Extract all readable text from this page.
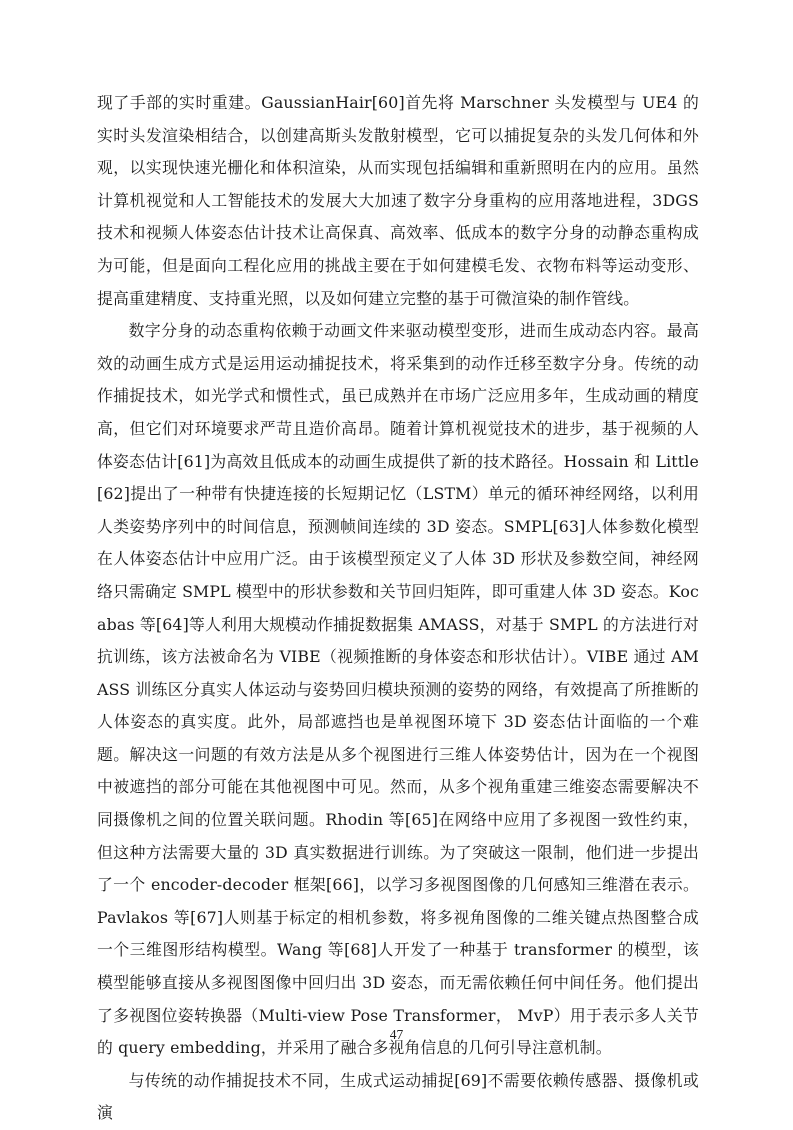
现了手部的实时重建。GaussianHair[60]首先将 Marschner 头发模型与 UE4 的实时头发渲染相结合，以创建高斯头发散射模型，它可以捕捉复杂的头发几何体和外观，以实现快速光栅化和体积渲染，从而实现包括编辑和重新照明在内的应用。虽然计算机视觉和人工智能技术的发展大大加速了数字分身重构的应用落地进程，3DGS 技术和视频人体姿态估计技术让高保真、高效率、低成本的数字分身的动静态重构成为可能，但是面向工程化应用的挑战主要在于如何建模毛发、衣物布料等运动变形、提高重建精度、支持重光照，以及如何建立完整的基于可微渲染的制作管线。

数字分身的动态重构依赖于动画文件来驱动模型变形，进而生成动态内容。最高效的动画生成方式是运用运动捕捉技术，将采集到的动作迁移至数字分身。传统的动作捕捉技术，如光学式和惯性式，虽已成熟并在市场广泛应用多年，生成动画的精度高，但它们对环境要求严苛且造价高昂。随着计算机视觉技术的进步，基于视频的人体姿态估计[61]为高效且低成本的动画生成提供了新的技术路径。Hossain 和 Little[62]提出了一种带有快捷连接的长短期记忆（LSTM）单元的循环神经网络，以利用人类姿势序列中的时间信息，预测帧间连续的 3D 姿态。SMPL[63]人体参数化模型在人体姿态估计中应用广泛。由于该模型预定义了人体 3D 形状及参数空间，神经网络只需确定 SMPL 模型中的形状参数和关节回归矩阵，即可重建人体 3D 姿态。Kocabas 等[64]等人利用大规模动作捕捉数据集 AMASS，对基于 SMPL 的方法进行对抗训练，该方法被命名为 VIBE（视频推断的身体姿态和形状估计）。VIBE 通过 AMASS 训练区分真实人体运动与姿势回归模块预测的姿势的网络，有效提高了所推断的人体姿态的真实度。此外，局部遮挡也是单视图环境下 3D 姿态估计面临的一个难题。解决这一问题的有效方法是从多个视图进行三维人体姿势估计，因为在一个视图中被遮挡的部分可能在其他视图中可见。然而，从多个视角重建三维姿态需要解决不同摄像机之间的位置关联问题。Rhodin 等[65]在网络中应用了多视图一致性约束，但这种方法需要大量的 3D 真实数据进行训练。为了突破这一限制，他们进一步提出了一个 encoder-decoder 框架[66]，以学习多视图图像的几何感知三维潜在表示。Pavlakos 等[67]人则基于标定的相机参数，将多视角图像的二维关键点热图整合成一个三维图形结构模型。Wang 等[68]人开发了一种基于 transformer 的模型，该模型能够直接从多视图图像中回归出 3D 姿态，而无需依赖任何中间任务。他们提出了多视图位姿转换器（Multi-view Pose Transformer， MvP）用于表示多人关节的 query embedding，并采用了融合多视角信息的几何引导注意机制。

与传统的动作捕捉技术不同，生成式运动捕捉[69]不需要依赖传感器、摄像机或演

47
